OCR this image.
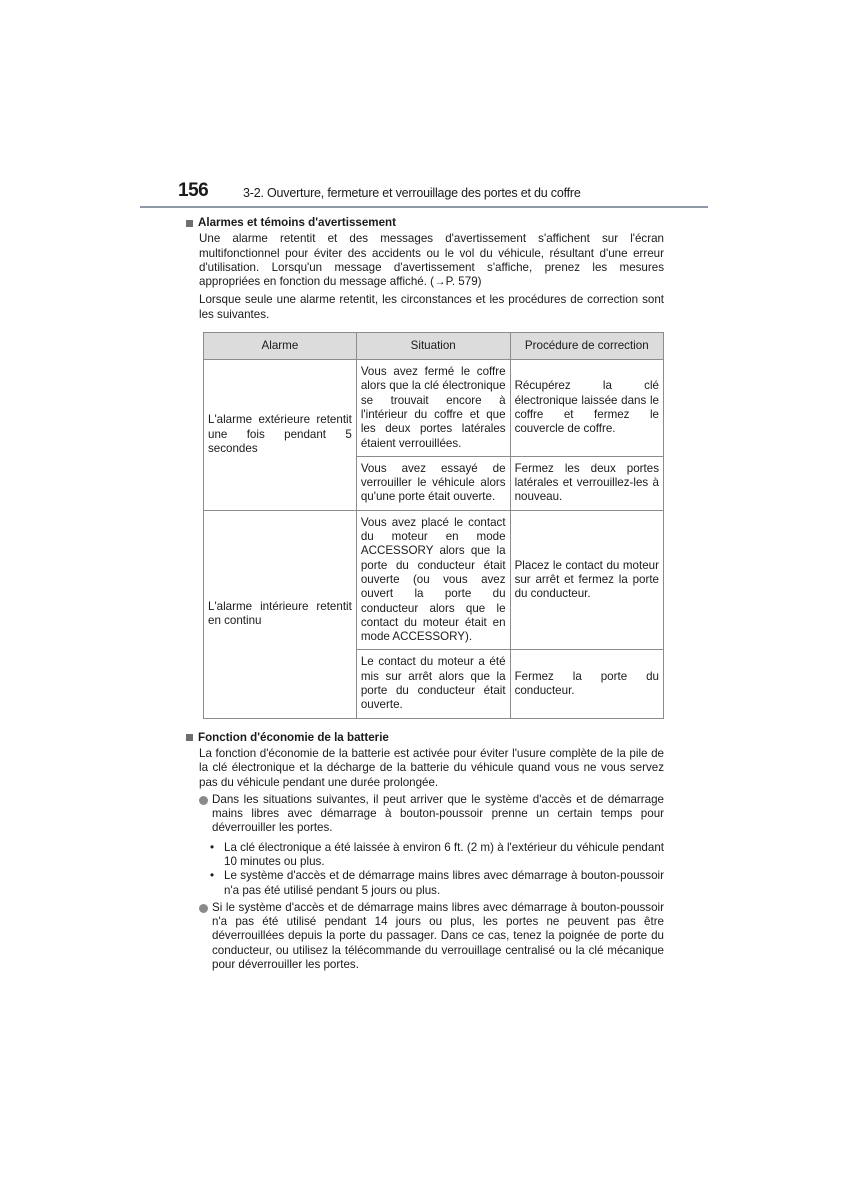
156	3-2. Ouverture, fermeture et verrouillage des portes et du coffre
Alarmes et témoins d'avertissement

Une alarme retentit et des messages d'avertissement s'affichent sur l'écran multifonctionnel pour éviter des accidents ou le vol du véhicule, résultant d'une erreur d'utilisation. Lorsqu'un message d'avertissement s'affiche, prenez les mesures appropriées en fonction du message affiché. (→P. 579)

Lorsque seule une alarme retentit, les circonstances et les procédures de correction sont les suivantes.

Alarme	Situation	Procédure de correction
L'alarme extérieure retentit une fois pendant 5 secondes	Vous avez fermé le coffre alors que la clé électronique se trouvait encore à l'intérieur du coffre et que les deux portes latérales étaient verrouillées.	Récupérez la clé électronique laissée dans le coffre et fermez le couvercle de coffre.
	Vous avez essayé de verrouiller le véhicule alors qu'une porte était ouverte.	Fermez les deux portes latérales et verrouillez-les à nouveau.
L'alarme intérieure retentit en continu	Vous avez placé le contact du moteur en mode ACCESSORY alors que la porte du conducteur était ouverte (ou vous avez ouvert la porte du conducteur alors que le contact du moteur était en mode ACCESSORY).	Placez le contact du moteur sur arrêt et fermez la porte du conducteur.
	Le contact du moteur a été mis sur arrêt alors que la porte du conducteur était ouverte.	Fermez la porte du conducteur.
Fonction d'économie de la batterie

La fonction d'économie de la batterie est activée pour éviter l'usure complète de la pile de la clé électronique et la décharge de la batterie du véhicule quand vous ne vous servez pas du véhicule pendant une durée prolongée.

Dans les situations suivantes, il peut arriver que le système d'accès et de démarrage mains libres avec démarrage à bouton-poussoir prenne un certain temps pour déverrouiller les portes.
• La clé électronique a été laissée à environ 6 ft. (2 m) à l'extérieur du véhicule pendant 10 minutes ou plus.
• Le système d'accès et de démarrage mains libres avec démarrage à bouton-poussoir n'a pas été utilisé pendant 5 jours ou plus.
Si le système d'accès et de démarrage mains libres avec démarrage à bouton-poussoir n'a pas été utilisé pendant 14 jours ou plus, les portes ne peuvent pas être déverrouillées depuis la porte du passager. Dans ce cas, tenez la poignée de porte du conducteur, ou utilisez la télécommande du verrouillage centralisé ou la clé mécanique pour déverrouiller les portes.
